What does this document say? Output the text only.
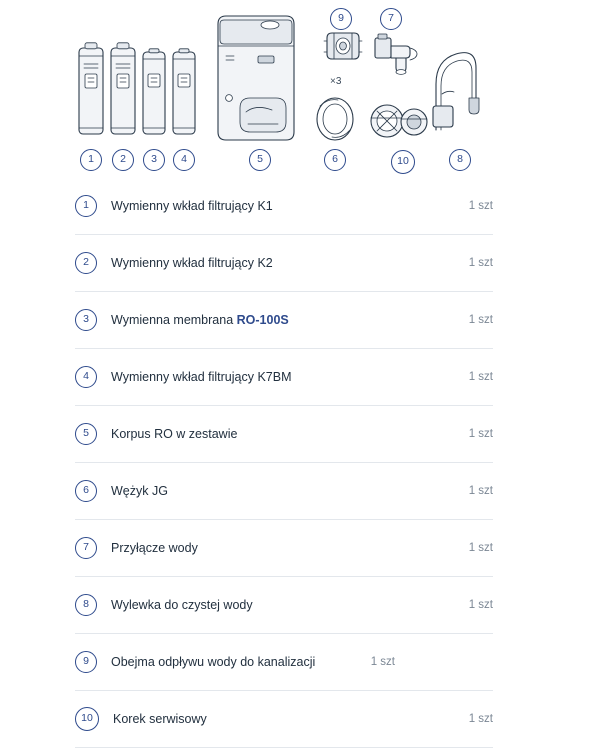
×3
1	2	3	4	5	6
7
8
9
10
1	Wymienny wkład filtrujący K1	1 szt
2	Wymienny wkład filtrujący K2	1 szt
3	Wymienna membrana RO-100S	1 szt
4	Wymienny wkład filtrujący K7BM	1 szt
5	Korpus RO w zestawie	1 szt
6	Wężyk JG	1 szt
7	Przyłącze wody	1 szt
8	Wylewka do czystej wody	1 szt
9	Obejma odpływu wody do kanalizacji	1 szt
10	Korek serwisowy	1 szt
